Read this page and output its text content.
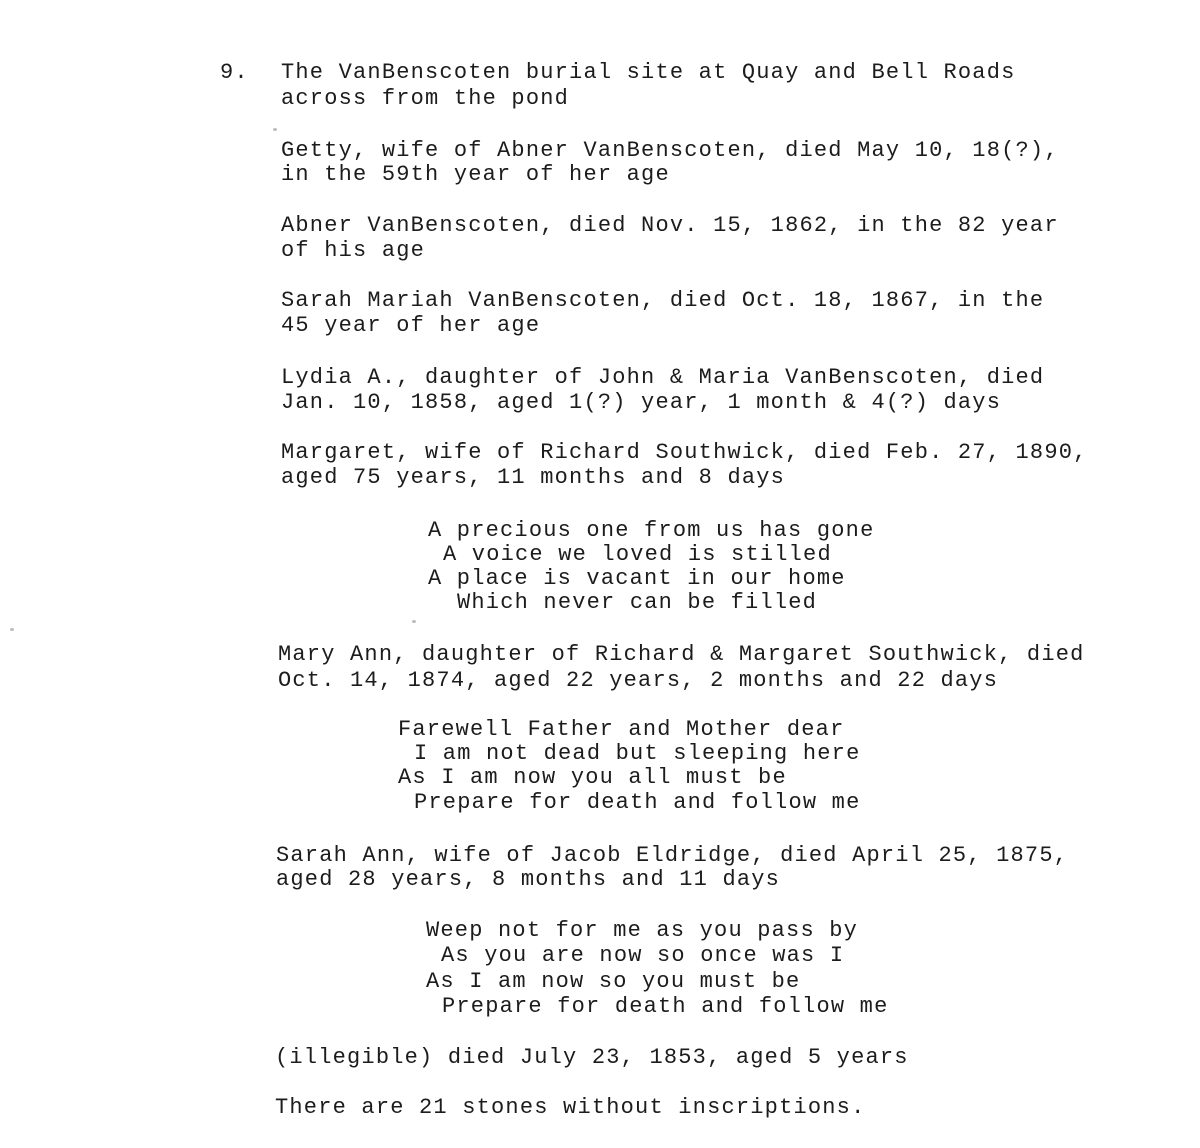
9. The VanBenscoten burial site at Quay and Bell Roads
across from the pond
Getty, wife of Abner VanBenscoten, died May 10, 18(?),
in the 59th year of her age
Abner VanBenscoten, died Nov. 15, 1862, in the 82 year
of his age
Sarah Mariah VanBenscoten, died Oct. 18, 1867, in the
45 year of her age
Lydia A., daughter of John & Maria VanBenscoten, died
Jan. 10, 1858, aged 1(?) year, 1 month & 4(?) days
Margaret, wife of Richard Southwick, died Feb. 27, 1890,
aged 75 years, 11 months and 8 days
A precious one from us has gone
A voice we loved is stilled
A place is vacant in our home
Which never can be filled
Mary Ann, daughter of Richard & Margaret Southwick, died
Oct. 14, 1874, aged 22 years, 2 months and 22 days
Farewell Father and Mother dear
I am not dead but sleeping here
As I am now you all must be
Prepare for death and follow me
Sarah Ann, wife of Jacob Eldridge, died April 25, 1875,
aged 28 years, 8 months and 11 days
Weep not for me as you pass by
As you are now so once was I
As I am now so you must be
Prepare for death and follow me
(illegible) died July 23, 1853, aged 5 years
There are 21 stones without inscriptions.
